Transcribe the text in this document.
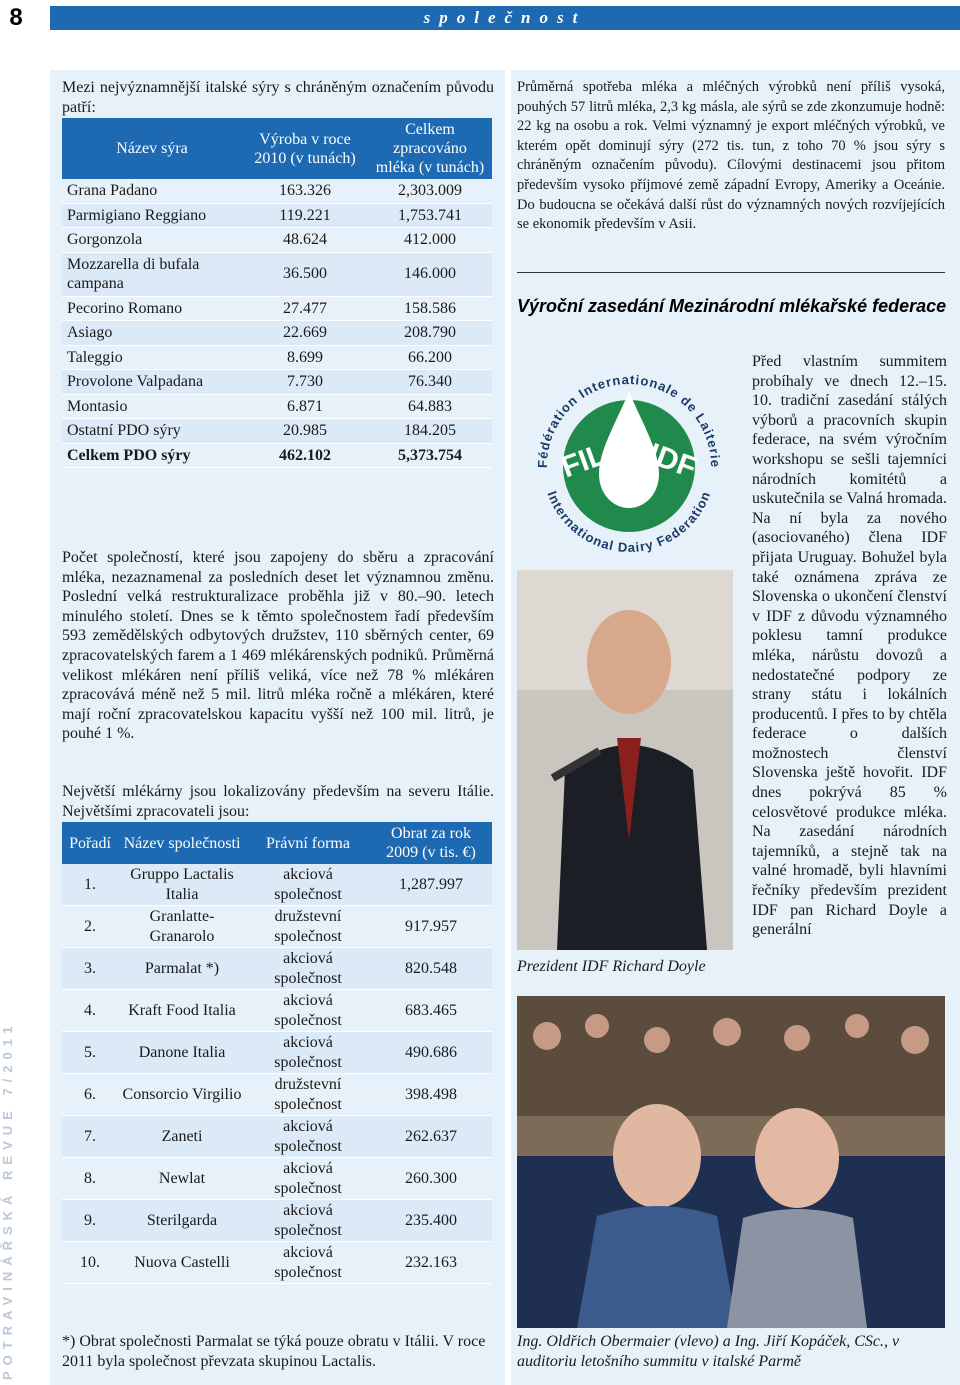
8	společnost
POTRAVINÁŘSKÁ REVUE 7/2011
Mezi nejvýznamnější italské sýry s chráněným označením původu patří:
Název sýra	Výroba v roce 2010 (v tunách)	Celkem zpracováno mléka (v tunách)
Grana Padano	163.326	2,303.009
Parmigiano Reggiano	119.221	1,753.741
Gorgonzola	48.624	412.000
Mozzarella di bufala campana	36.500	146.000
Pecorino Romano	27.477	158.586
Asiago	22.669	208.790
Taleggio	8.699	66.200
Provolone Valpadana	7.730	76.340
Montasio	6.871	64.883
Ostatní PDO sýry	20.985	184.205
Celkem PDO sýry	462.102	5,373.754
Počet společností, které jsou zapojeny do sběru a zpracování mléka, nezaznamenal za posledních deset let významnou změnu. Poslední velká restrukturalizace proběhla již v 80.–90. letech minulého století. Dnes se k těmto společnostem řadí především 593 zemědělských odbytových družstev, 110 sběrných center, 69 zpracovatelských farem a 1 469 mlékárenských podniků. Průměrná velikost mlékáren není příliš veliká, více než 78 % mlékáren zpracovává méně než 5 mil. litrů mléka ročně a mlékáren, které mají roční zpracovatelskou kapacitu vyšší než 100 mil. litrů, je pouhé 1 %.
Největší mlékárny jsou lokalizovány především na severu Itálie. Největšími zpracovateli jsou:
Pořadí	Název společnosti	Právní forma	Obrat za rok 2009 (v tis. €)
1.	Gruppo Lactalis Italia	akciová společnost	1,287.997
2.	Granlatte-Granarolo	družstevní společnost	917.957
3.	Parmalat *)	akciová společnost	820.548
4.	Kraft Food Italia	akciová společnost	683.465
5.	Danone Italia	akciová společnost	490.686
6.	Consorcio Virgilio	družstevní společnost	398.498
7.	Zaneti	akciová společnost	262.637
8.	Newlat	akciová společnost	260.300
9.	Sterilgarda	akciová společnost	235.400
10.	Nuova Castelli	akciová společnost	232.163
*) Obrat společnosti Parmalat se týká pouze obratu v Itálii. V roce 2011 byla společnost převzata skupinou Lactalis.
Průměrná spotřeba mléka a mléčných výrobků není příliš vysoká, pouhých 57 litrů mléka, 2,3 kg másla, ale sýrů se zde zkonzumuje hodně: 22 kg na osobu a rok. Velmi významný je export mléčných výrobků, ve kterém opět dominují sýry (272 tis. tun, z toho 70 % jsou sýry s chráněným označením původu). Cílovými destinacemi jsou přitom především vysoko příjmové země západní Evropy, Ameriky a Oceánie. Do budoucna se očekává další růst do významných nových rozvíjejících se ekonomik především v Asii.
Výroční zasedání Mezinárodní mlékařské federace
Fédération Internationale de Laiterie
International Dairy Federation
FIL IDF
Prezident IDF Richard Doyle
Před vlastním summitem probíhaly ve dnech 12.–15. 10. tradiční zasedání stálých výborů a pracovních skupin federace, na svém výročním workshopu se sešli tajemníci národních komitétů a uskutečnila se Valná hromada. Na ní byla za nového (asociovaného) člena IDF přijata Uruguay. Bohužel byla také oznámena zpráva ze Slovenska o ukončení členství v IDF z důvodu významného poklesu tamní produkce mléka, nárůstu dovozů a nedostatečné podpory ze strany státu i lokálních producentů. I přes to by chtěla federace o dalších možnostech členství Slovenska ještě hovořit. IDF dnes pokrývá 85 % celosvětové produkce mléka. Na zasedání národních tajemníků, a stejně tak na valné hromadě, byli hlavními řečníky především prezident IDF pan Richard Doyle a generální
Ing. Oldřich Obermaier (vlevo) a Ing. Jiří Kopáček, CSc., v auditoriu letošního summitu v italské Parmě
